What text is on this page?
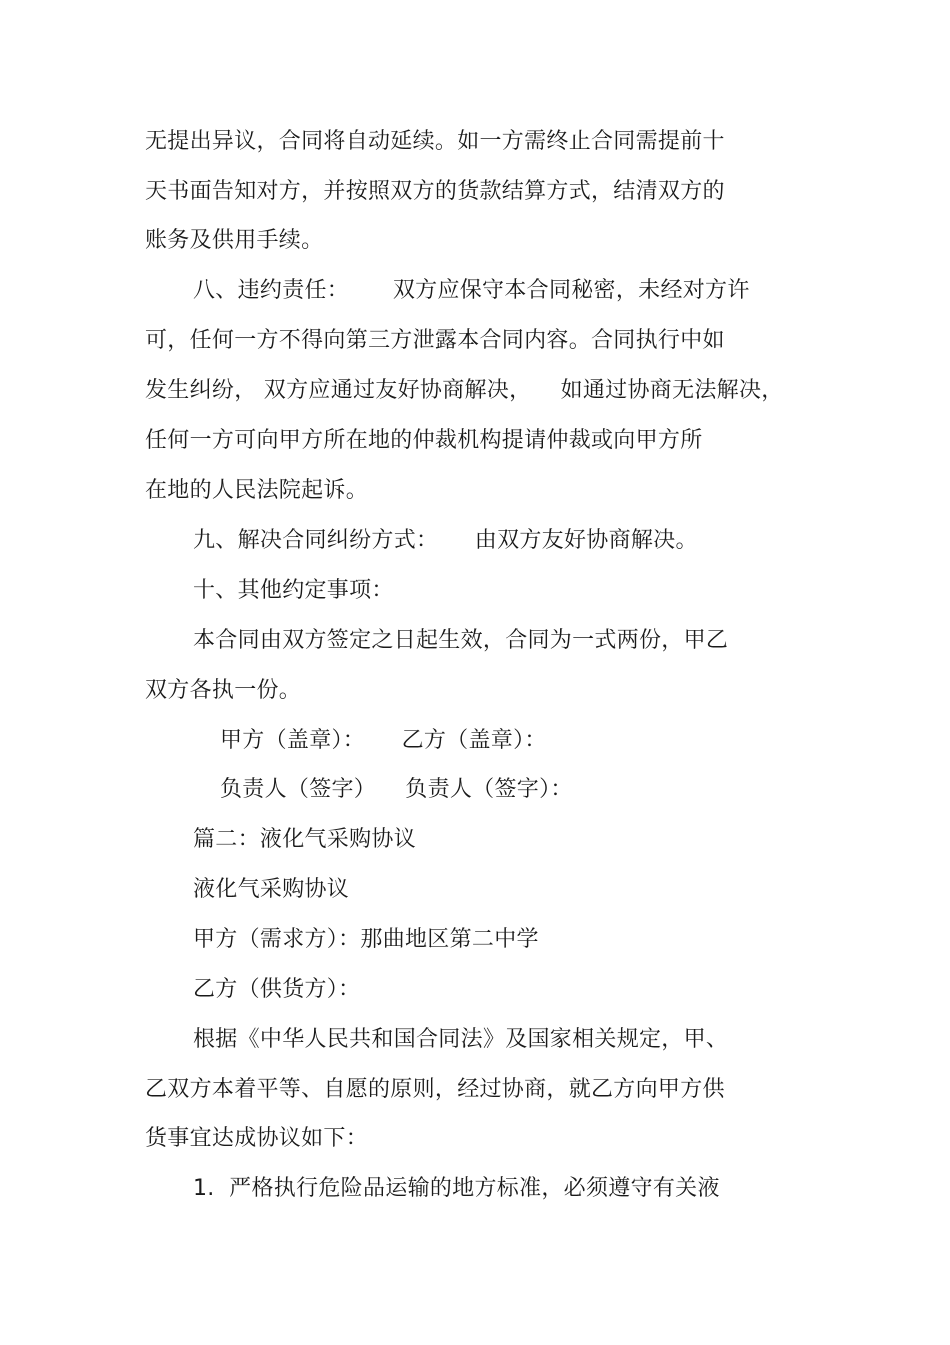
无提出异议，合同将自动延续。如一方需终止合同需提前十
天书面告知对方，并按照双方的货款结算方式，结清双方的
账务及供用手续。
八、违约责任：      双方应保守本合同秘密，未经对方许
可，任何一方不得向第三方泄露本合同内容。合同执行中如
发生纠纷， 双方应通过友好协商解决，    如通过协商无法解决，
任何一方可向甲方所在地的仲裁机构提请仲裁或向甲方所
在地的人民法院起诉。
九、解决合同纠纷方式：     由双方友好协商解决。
十、其他约定事项：
本合同由双方签定之日起生效，合同为一式两份，甲乙
双方各执一份。
甲方（盖章）：     乙方（盖章）：
负责人（签字）    负责人（签字）：
篇二：液化气采购协议
液化气采购协议
甲方（需求方）：那曲地区第二中学
乙方（供货方）：
根据《中华人民共和国合同法》及国家相关规定，甲、
乙双方本着平等、自愿的原则，经过协商，就乙方向甲方供
货事宜达成协议如下：
1.  严格执行危险品运输的地方标准，必须遵守有关液
